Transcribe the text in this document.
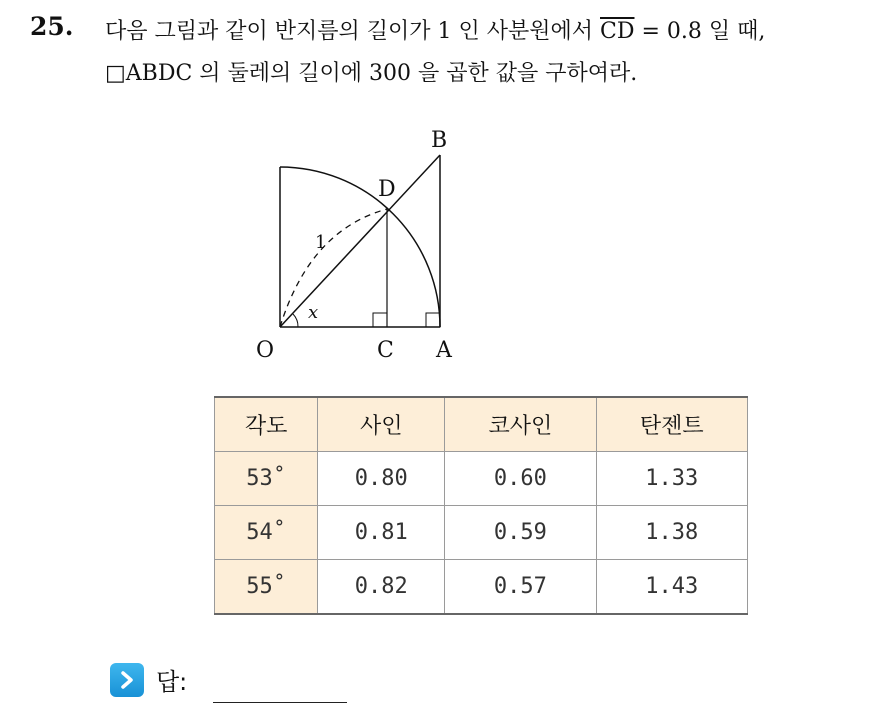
25. 다음 그림과 같이 반지름의 길이가 1 인 사분원에서 $\overline{CD} = 0.8$ 일 때,
□ABDC 의 둘레의 길이에 300 을 곱한 값을 구하여라.
B
D
1
x
O	C A
각도	사인	코사인	탄젠트
53˚	0.80	0.60	1.33
54˚	0.81	0.59	1.38
55˚	0.82	0.57	1.43
답:
